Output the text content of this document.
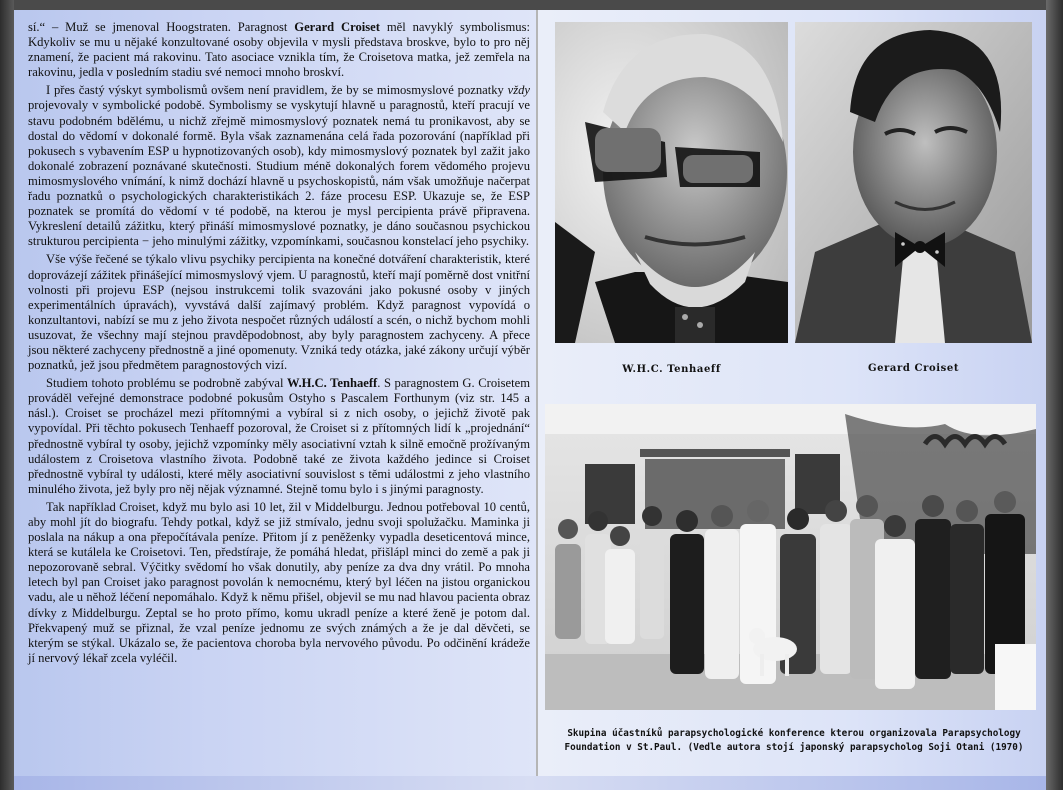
sí.“ – Muž se jmenoval Hoogstraten. Paragnost Gerard Croiset měl navyklý symbolismus: Kdykoliv se mu u nějaké konzultované osoby objevila v mysli představa broskve, bylo to pro něj znamení, že pacient má rakovinu. Tato asociace vznikla tím, že Croisetova matka, jež zemřela na rakovinu, jedla v posledním stadiu své nemoci mnoho broskví.

I přes častý výskyt symbolismů ovšem není pravidlem, že by se mimosmyslové poznatky vždy projevovaly v symbolické podobě. Symbolismy se vyskytují hlavně u paragnostů, kteří pracují ve stavu podobném bdělému, u nichž zřejmě mimosmyslový poznatek nemá tu pronikavost, aby se dostal do vědomí v dokonalé formě. Byla však zaznamenána celá řada pozorování (například při pokusech s vybavením ESP u hypnotizovaných osob), kdy mimosmyslový poznatek byl zažit jako dokonalé zobrazení poznávané skutečnosti. Studium méně dokonalých forem vědomého projevu mimosmyslového vnímání, k nimž dochází hlavně u psychoskopistů, nám však umožňuje načerpat řadu poznatků o psychologických charakteristikách 2. fáze procesu ESP. Ukazuje se, že ESP poznatek se promítá do vědomí v té podobě, na kterou je mysl percipienta právě připravena. Vykreslení detailů zážitku, který přináší mimosmyslové poznatky, je dáno současnou psychickou strukturou percipienta − jeho minulými zážitky, vzpomínkami, současnou konstelací jeho psychiky.

Vše výše řečené se týkalo vlivu psychiky percipienta na konečné dotváření charakteristik, které doprovázejí zážitek přinášející mimosmyslový vjem. U paragnostů, kteří mají poměrně dost vnitřní volnosti při projevu ESP (nejsou instrukcemi tolik svazováni jako pokusné osoby v jiných experimentálních úpravách), vyvstává další zajímavý problém. Když paragnost vypovídá o konzultantovi, nabízí se mu z jeho života nespočet různých událostí a scén, o nichž bychom mohli usuzovat, že všechny mají stejnou pravděpodobnost, aby byly paragnostem zachyceny. A přece jsou některé zachyceny přednostně a jiné opomenuty. Vzniká tedy otázka, jaké zákony určují výběr poznatků, jež jsou předmětem paragnostových vizí.

Studiem tohoto problému se podrobně zabýval W.H.C. Tenhaeff. S paragnostem G. Croisetem prováděl veřejné demonstrace podobné pokusům Ostyho s Pascalem Forthunym (viz str. 145 a násl.). Croiset se procházel mezi přítomnými a vybíral si z nich osoby, o jejichž životě pak vypovídal. Při těchto pokusech Tenhaeff pozoroval, že Croiset si z přítomných lidí k „projednání“ přednostně vybíral ty osoby, jejichž vzpomínky měly asociativní vztah k silně emočně prožívaným událostem z Croisetova vlastního života. Podobně také ze života každého jedince si Croiset přednostně vybíral ty události, které měly asociativní souvislost s těmi událostmi z jeho vlastního minulého života, jež byly pro něj nějak významné. Stejně tomu bylo i s jinými paragnosty.

Tak například Croiset, když mu bylo asi 10 let, žil v Middelburgu. Jednou potřeboval 10 centů, aby mohl jít do biografu. Tehdy potkal, když se již stmívalo, jednu svoji spolužačku. Maminka ji poslala na nákup a ona přepočítávala peníze. Přitom jí z peněženky vypadla deseticentová mince, která se kutálela ke Croisetovi. Ten, předstíraje, že pomáhá hledat, přišlápl minci do země a pak ji nepozorovaně sebral. Výčitky svědomí ho však donutily, aby peníze za dva dny vrátil. Po mnoha letech byl pan Croiset jako paragnost povolán k nemocnému, který byl léčen na jistou organickou vadu, ale u něhož léčení nepomáhalo. Když k němu přišel, objevil se mu nad hlavou pacienta obraz dívky z Middelburgu. Zeptal se ho proto přímo, komu ukradl peníze a které ženě je potom dal. Překvapený muž se přiznal, že vzal peníze jednomu ze svých známých a že je dal děvčeti, se kterým se stýkal. Ukázalo se, že pacientova choroba byla nervového původu. Po odčinění krádeže jí nervový lékař zcela vyléčil.

W.H.C. Tenhaeff	Gerard Croiset
Skupina účastníků parapsychologické konference kterou organizovala Parapsychology Foundation v St.Paul. (Vedle autora stojí japonský parapsycholog Soji Otani (1970)
